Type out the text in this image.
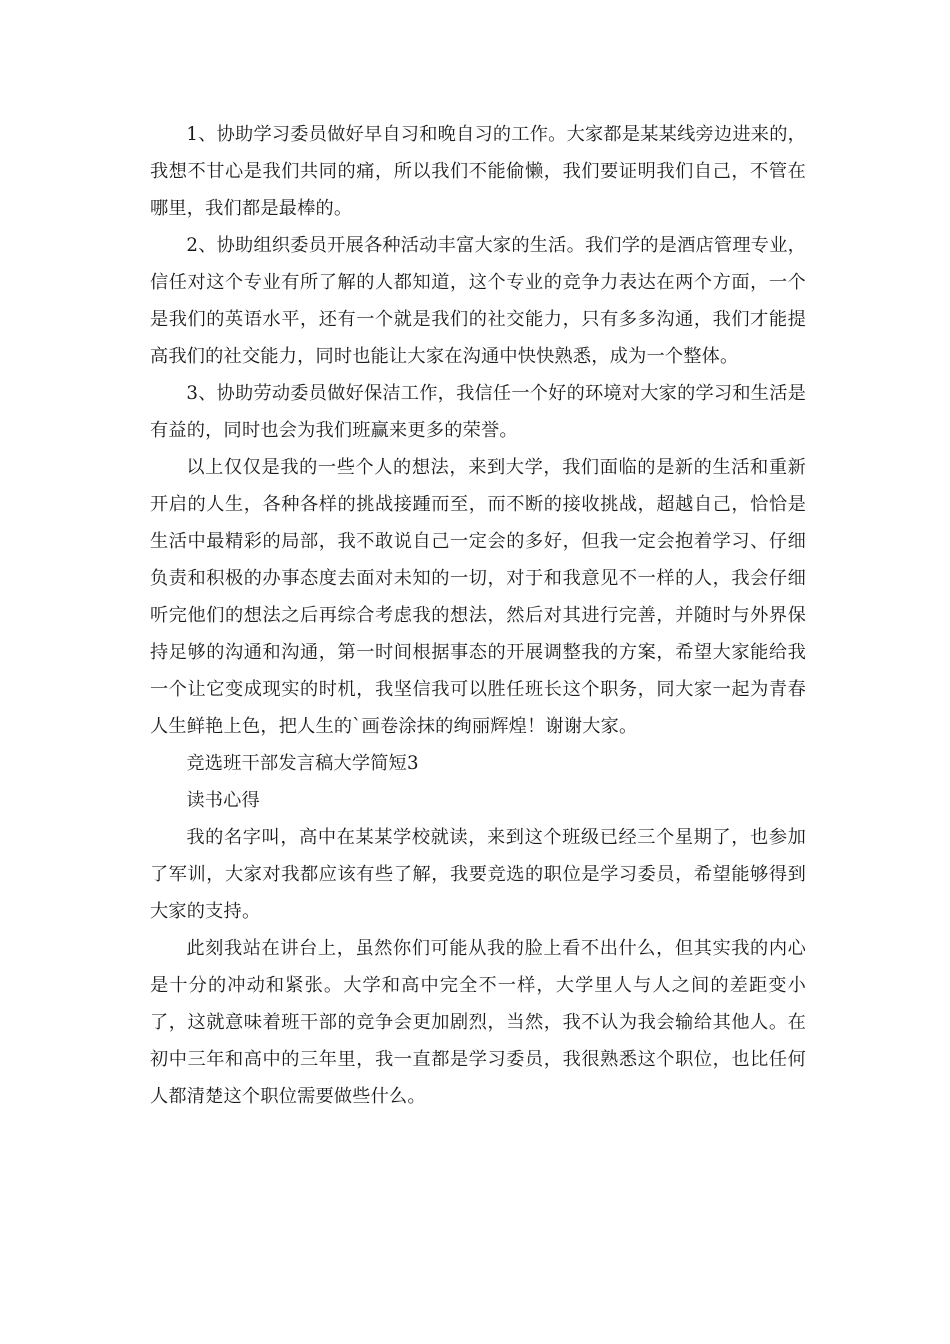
1、协助学习委员做好早自习和晚自习的工作。大家都是某某线旁边进来的，我想不甘心是我们共同的痛，所以我们不能偷懒，我们要证明我们自己，不管在哪里，我们都是最棒的。

2、协助组织委员开展各种活动丰富大家的生活。我们学的是酒店管理专业，信任对这个专业有所了解的人都知道，这个专业的竞争力表达在两个方面，一个是我们的英语水平，还有一个就是我们的社交能力，只有多多沟通，我们才能提高我们的社交能力，同时也能让大家在沟通中快快熟悉，成为一个整体。

3、协助劳动委员做好保洁工作，我信任一个好的环境对大家的学习和生活是有益的，同时也会为我们班赢来更多的荣誉。

以上仅仅是我的一些个人的想法，来到大学，我们面临的是新的生活和重新开启的人生，各种各样的挑战接踵而至，而不断的接收挑战，超越自己，恰恰是生活中最精彩的局部，我不敢说自己一定会的多好，但我一定会抱着学习、仔细负责和积极的办事态度去面对未知的一切，对于和我意见不一样的人，我会仔细听完他们的想法之后再综合考虑我的想法，然后对其进行完善，并随时与外界保持足够的沟通和沟通，第一时间根据事态的开展调整我的方案，希望大家能给我一个让它变成现实的时机，我坚信我可以胜任班长这个职务，同大家一起为青春人生鲜艳上色，把人生的`画卷涂抹的绚丽辉煌！谢谢大家。

竞选班干部发言稿大学简短3

读书心得

我的名字叫，高中在某某学校就读，来到这个班级已经三个星期了，也参加了军训，大家对我都应该有些了解，我要竞选的职位是学习委员，希望能够得到大家的支持。

此刻我站在讲台上，虽然你们可能从我的脸上看不出什么，但其实我的内心是十分的冲动和紧张。大学和高中完全不一样，大学里人与人之间的差距变小了，这就意味着班干部的竞争会更加剧烈，当然，我不认为我会输给其他人。在初中三年和高中的三年里，我一直都是学习委员，我很熟悉这个职位，也比任何人都清楚这个职位需要做些什么。
